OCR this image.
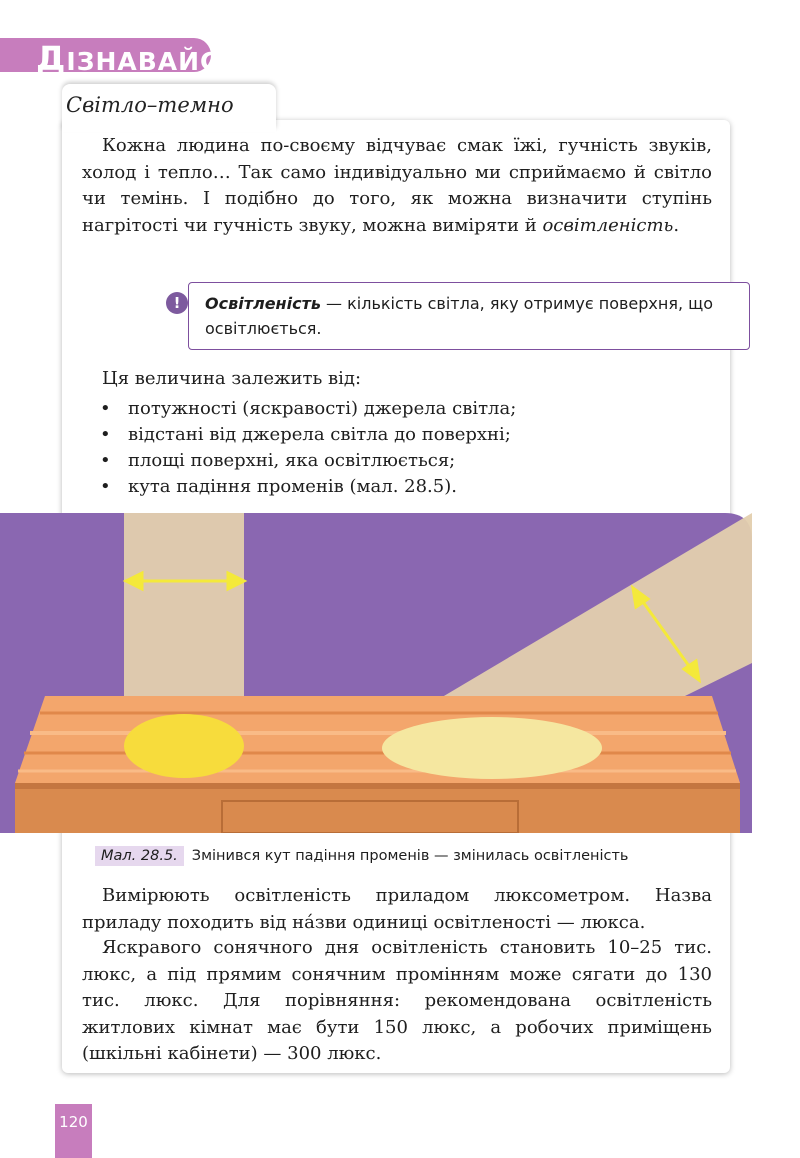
ДІЗНАВАЙСЯ
Світло–темно

Кожна людина по-своєму відчуває смак їжі, гучність звуків, холод і тепло… Так само індивідуально ми сприймаємо й світло чи темінь. І подібно до того, як можна визначити ступінь нагрітості чи гучність звуку, можна виміряти й освітленість.

!	Освітленість — кількість світла, яку отримує поверхня, що освітлюється.
Ця величина залежить від:
• потужності (яскравості) джерела світла;
• відстані від джерела світла до поверхні;
• площі поверхні, яка освітлюється;
• кута падіння променів (мал. 28.5).
Мал. 28.5. Змінився кут падіння променів — змінилась освітленість

Вимірюють освітленість приладом люксометром. Назва приладу походить від на́зви одиниці освітленості — люкса.

Яскравого сонячного дня освітленість становить 10–25 тис. люкс, а під прямим сонячним промінням може сягати до 130 тис. люкс. Для порівняння: рекомендована освітленість житлових кімнат має бути 150 люкс, а робочих приміщень (шкільні кабінети) — 300 люкс.

120
